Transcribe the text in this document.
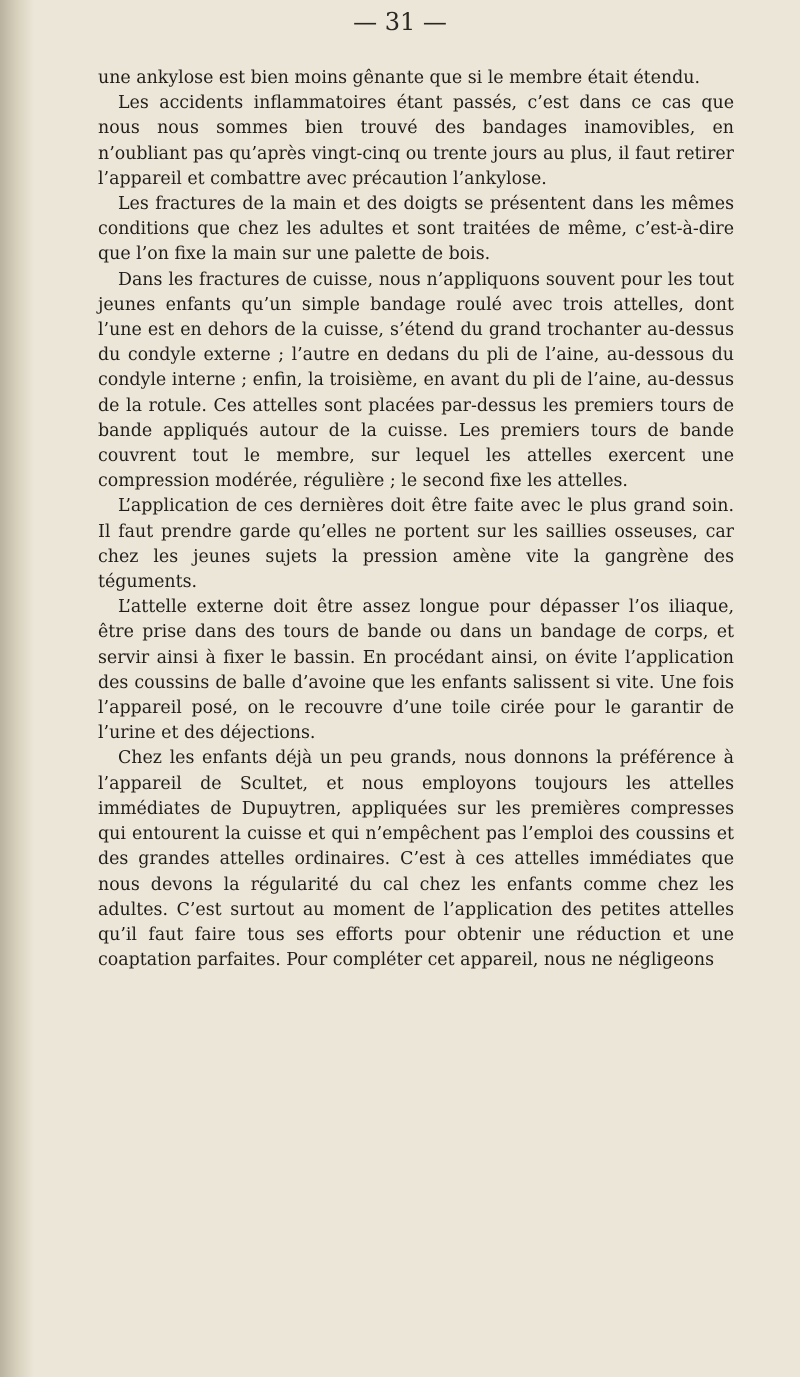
— 31 —

une ankylose est bien moins gênante que si le membre était étendu.

Les accidents inflammatoires étant passés, c’est dans ce cas que nous nous sommes bien trouvé des bandages inamovibles, en n’oubliant pas qu’après vingt-cinq ou trente jours au plus, il faut retirer l’appareil et combattre avec précaution l’ankylose.

Les fractures de la main et des doigts se présentent dans les mêmes conditions que chez les adultes et sont traitées de même, c’est-à-dire que l’on fixe la main sur une palette de bois.

Dans les fractures de cuisse, nous n’appliquons souvent pour les tout jeunes enfants qu’un simple bandage roulé avec trois attelles, dont l’une est en dehors de la cuisse, s’étend du grand trochanter au-dessus du condyle externe ; l’autre en dedans du pli de l’aine, au-dessous du condyle interne ; enfin, la troisième, en avant du pli de l’aine, au-dessus de la rotule. Ces attelles sont placées par-dessus les premiers tours de bande appliqués autour de la cuisse. Les premiers tours de bande couvrent tout le membre, sur lequel les attelles exercent une compression modérée, régulière ; le second fixe les attelles.

L’application de ces dernières doit être faite avec le plus grand soin. Il faut prendre garde qu’elles ne portent sur les saillies osseuses, car chez les jeunes sujets la pression amène vite la gangrène des téguments.

L’attelle externe doit être assez longue pour dépasser l’os iliaque, être prise dans des tours de bande ou dans un bandage de corps, et servir ainsi à fixer le bassin. En procédant ainsi, on évite l’application des coussins de balle d’avoine que les enfants salissent si vite. Une fois l’appareil posé, on le recouvre d’une toile cirée pour le garantir de l’urine et des déjections.

Chez les enfants déjà un peu grands, nous donnons la préférence à l’appareil de Scultet, et nous employons toujours les attelles immédiates de Dupuytren, appliquées sur les premières compresses qui entourent la cuisse et qui n’empêchent pas l’emploi des coussins et des grandes attelles ordinaires. C’est à ces attelles immédiates que nous devons la régularité du cal chez les enfants comme chez les adultes. C’est surtout au moment de l’application des petites attelles qu’il faut faire tous ses efforts pour obtenir une réduction et une coaptation parfaites. Pour compléter cet appareil, nous ne négligeons
